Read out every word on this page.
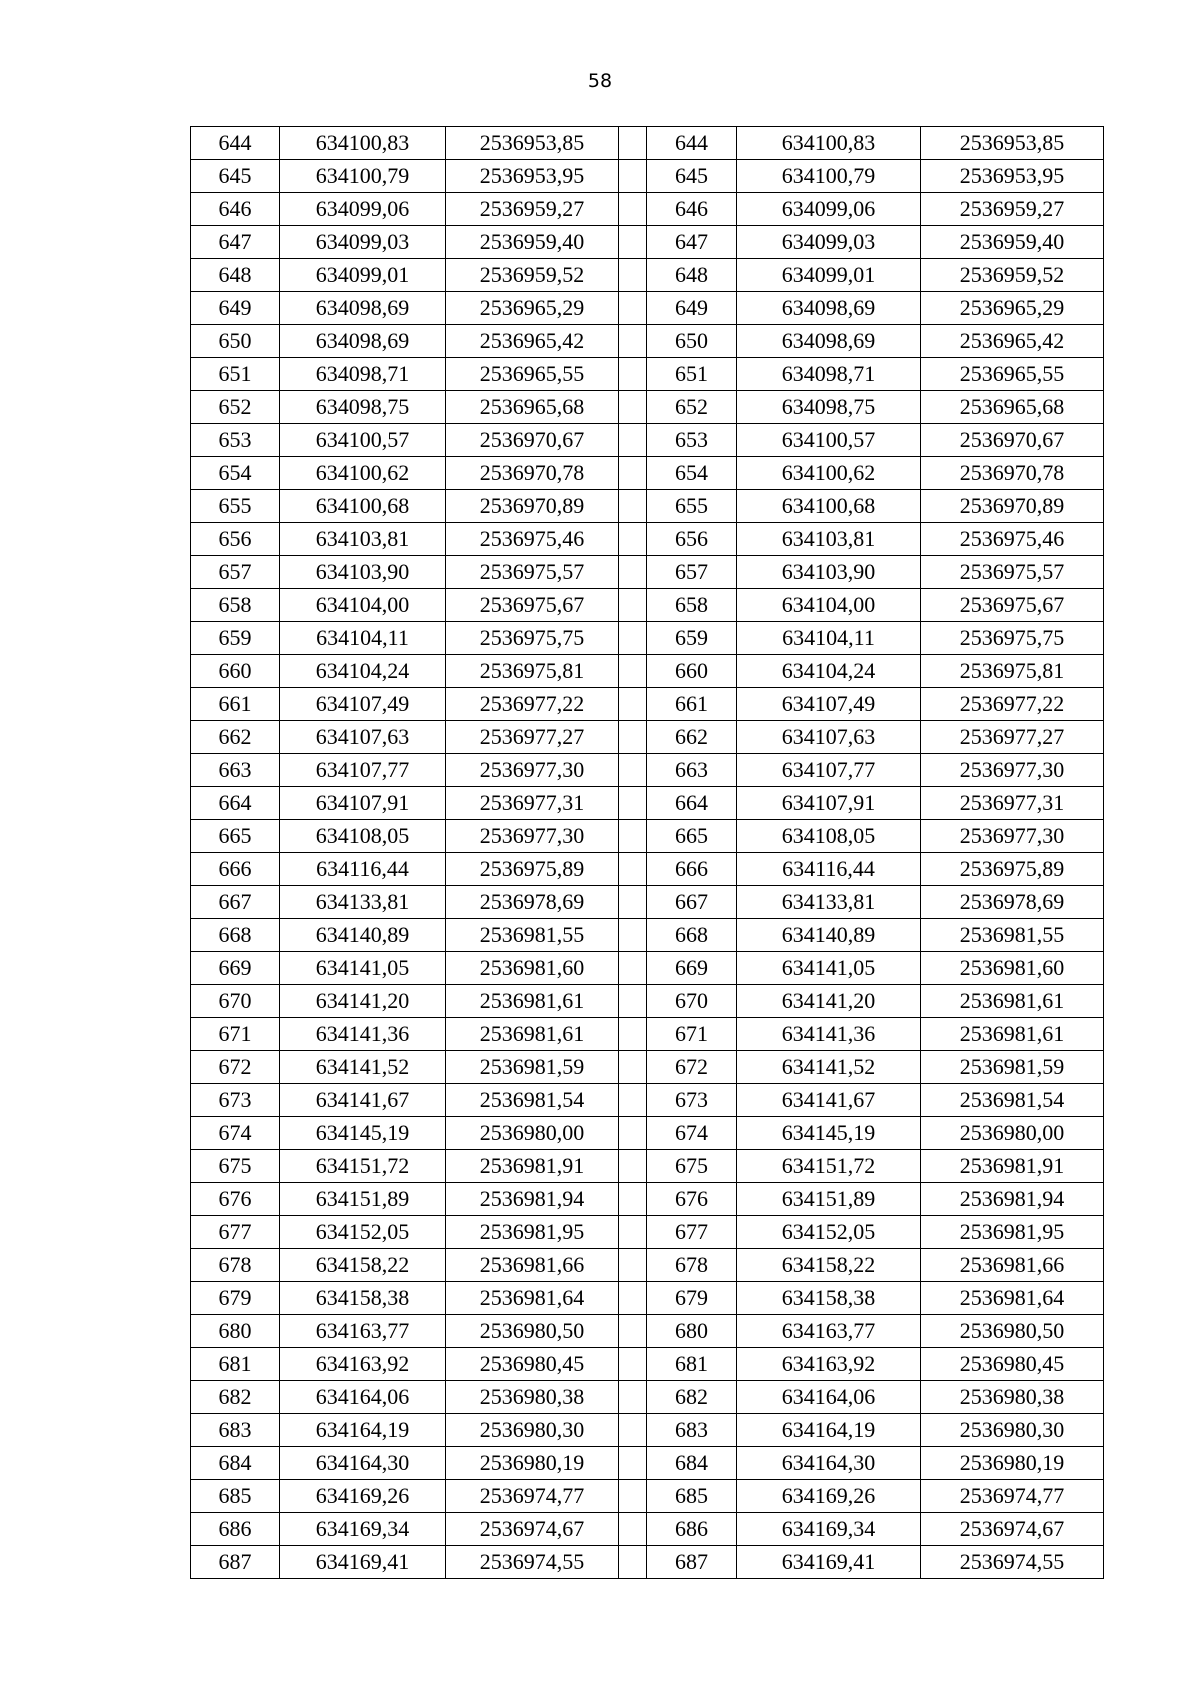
58
644	634100,83	2536953,85		644	634100,83	2536953,85
645	634100,79	2536953,95		645	634100,79	2536953,95
646	634099,06	2536959,27		646	634099,06	2536959,27
647	634099,03	2536959,40		647	634099,03	2536959,40
648	634099,01	2536959,52		648	634099,01	2536959,52
649	634098,69	2536965,29		649	634098,69	2536965,29
650	634098,69	2536965,42		650	634098,69	2536965,42
651	634098,71	2536965,55		651	634098,71	2536965,55
652	634098,75	2536965,68		652	634098,75	2536965,68
653	634100,57	2536970,67		653	634100,57	2536970,67
654	634100,62	2536970,78		654	634100,62	2536970,78
655	634100,68	2536970,89		655	634100,68	2536970,89
656	634103,81	2536975,46		656	634103,81	2536975,46
657	634103,90	2536975,57		657	634103,90	2536975,57
658	634104,00	2536975,67		658	634104,00	2536975,67
659	634104,11	2536975,75		659	634104,11	2536975,75
660	634104,24	2536975,81		660	634104,24	2536975,81
661	634107,49	2536977,22		661	634107,49	2536977,22
662	634107,63	2536977,27		662	634107,63	2536977,27
663	634107,77	2536977,30		663	634107,77	2536977,30
664	634107,91	2536977,31		664	634107,91	2536977,31
665	634108,05	2536977,30		665	634108,05	2536977,30
666	634116,44	2536975,89		666	634116,44	2536975,89
667	634133,81	2536978,69		667	634133,81	2536978,69
668	634140,89	2536981,55		668	634140,89	2536981,55
669	634141,05	2536981,60		669	634141,05	2536981,60
670	634141,20	2536981,61		670	634141,20	2536981,61
671	634141,36	2536981,61		671	634141,36	2536981,61
672	634141,52	2536981,59		672	634141,52	2536981,59
673	634141,67	2536981,54		673	634141,67	2536981,54
674	634145,19	2536980,00		674	634145,19	2536980,00
675	634151,72	2536981,91		675	634151,72	2536981,91
676	634151,89	2536981,94		676	634151,89	2536981,94
677	634152,05	2536981,95		677	634152,05	2536981,95
678	634158,22	2536981,66		678	634158,22	2536981,66
679	634158,38	2536981,64		679	634158,38	2536981,64
680	634163,77	2536980,50		680	634163,77	2536980,50
681	634163,92	2536980,45		681	634163,92	2536980,45
682	634164,06	2536980,38		682	634164,06	2536980,38
683	634164,19	2536980,30		683	634164,19	2536980,30
684	634164,30	2536980,19		684	634164,30	2536980,19
685	634169,26	2536974,77		685	634169,26	2536974,77
686	634169,34	2536974,67		686	634169,34	2536974,67
687	634169,41	2536974,55		687	634169,41	2536974,55
